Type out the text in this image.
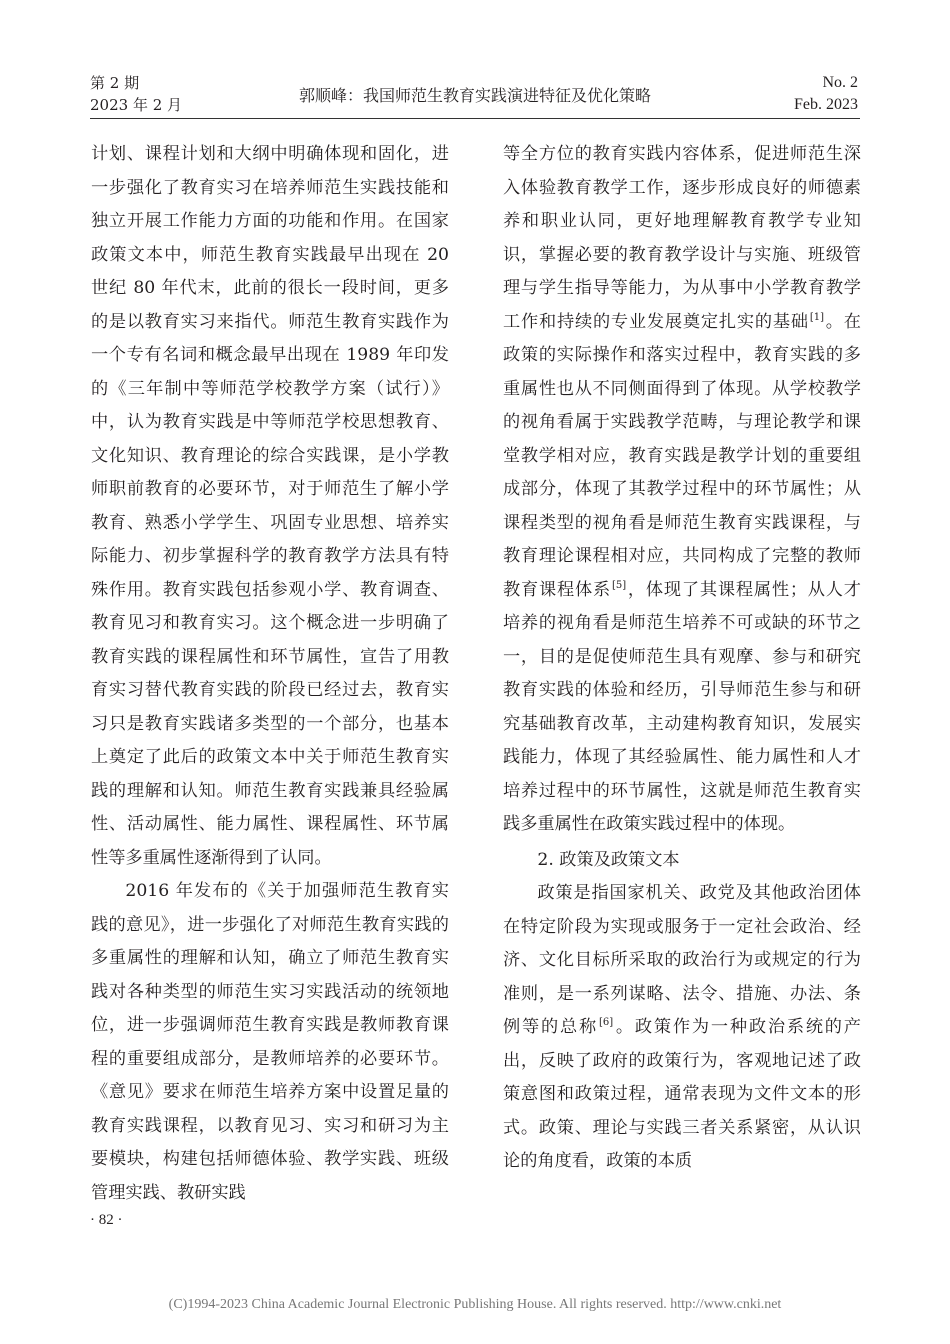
第 2 期
2023 年 2 月	郭顺峰：我国师范生教育实践演进特征及优化策略
No. 2
Feb. 2023

计划、课程计划和大纲中明确体现和固化，进一步强化了教育实习在培养师范生实践技能和独立开展工作能力方面的功能和作用。在国家政策文本中，师范生教育实践最早出现在 20 世纪 80 年代末，此前的很长一段时间，更多的是以教育实习来指代。师范生教育实践作为一个专有名词和概念最早出现在 1989 年印发的《三年制中等师范学校教学方案（试行）》中，认为教育实践是中等师范学校思想教育、文化知识、教育理论的综合实践课，是小学教师职前教育的必要环节，对于师范生了解小学教育、熟悉小学学生、巩固专业思想、培养实际能力、初步掌握科学的教育教学方法具有特殊作用。教育实践包括参观小学、教育调查、教育见习和教育实习。这个概念进一步明确了教育实践的课程属性和环节属性，宣告了用教育实习替代教育实践的阶段已经过去，教育实习只是教育实践诸多类型的一个部分，也基本上奠定了此后的政策文本中关于师范生教育实践的理解和认知。师范生教育实践兼具经验属性、活动属性、能力属性、课程属性、环节属性等多重属性逐渐得到了认同。

2016 年发布的《关于加强师范生教育实践的意见》，进一步强化了对师范生教育实践的多重属性的理解和认知，确立了师范生教育实践对各种类型的师范生实习实践活动的统领地位，进一步强调师范生教育实践是教师教育课程的重要组成部分，是教师培养的必要环节。《意见》要求在师范生培养方案中设置足量的教育实践课程，以教育见习、实习和研习为主要模块，构建包括师德体验、教学实践、班级管理实践、教研实践

等全方位的教育实践内容体系，促进师范生深入体验教育教学工作，逐步形成良好的师德素养和职业认同，更好地理解教育教学专业知识，掌握必要的教育教学设计与实施、班级管理与学生指导等能力，为从事中小学教育教学工作和持续的专业发展奠定扎实的基础[1]。在政策的实际操作和落实过程中，教育实践的多重属性也从不同侧面得到了体现。从学校教学的视角看属于实践教学范畴，与理论教学和课堂教学相对应，教育实践是教学计划的重要组成部分，体现了其教学过程中的环节属性；从课程类型的视角看是师范生教育实践课程，与教育理论课程相对应，共同构成了完整的教师教育课程体系[5]，体现了其课程属性；从人才培养的视角看是师范生培养不可或缺的环节之一，目的是促使师范生具有观摩、参与和研究教育实践的体验和经历，引导师范生参与和研究基础教育改革，主动建构教育知识，发展实践能力，体现了其经验属性、能力属性和人才培养过程中的环节属性，这就是师范生教育实践多重属性在政策实践过程中的体现。

2. 政策及政策文本

政策是指国家机关、政党及其他政治团体在特定阶段为实现或服务于一定社会政治、经济、文化目标所采取的政治行为或规定的行为准则，是一系列谋略、法令、措施、办法、条例等的总称[6]。政策作为一种政治系统的产出，反映了政府的政策行为，客观地记述了政策意图和政策过程，通常表现为文件文本的形式。政策、理论与实践三者关系紧密，从认识论的角度看，政策的本质

· 82 ·
(C)1994-2023 China Academic Journal Electronic Publishing House. All rights reserved. http://www.cnki.net
